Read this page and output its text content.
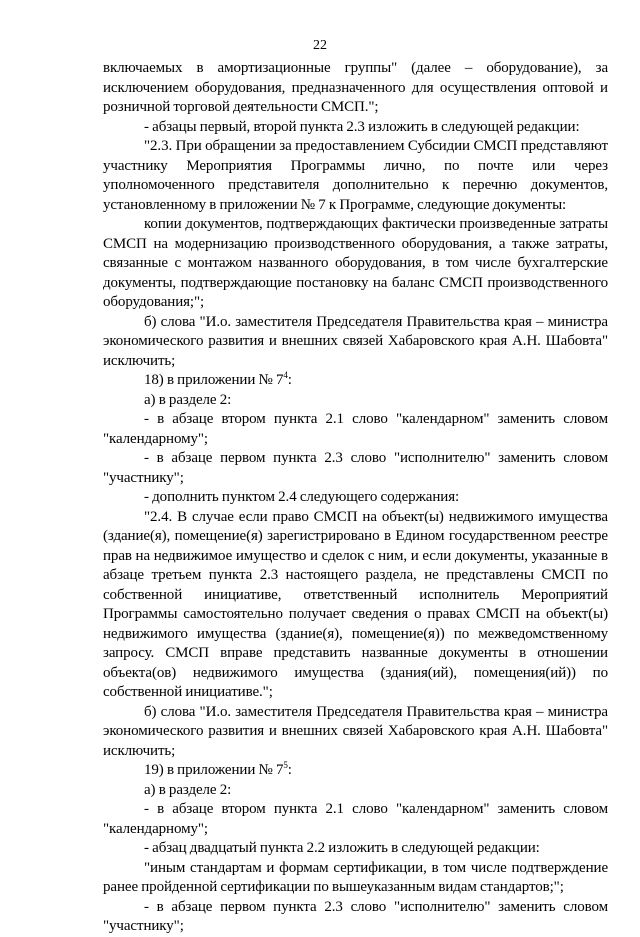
22

включаемых в амортизационные группы" (далее – оборудование), за исключением оборудования, предназначенного для осуществления оптовой и розничной торговой деятельности СМСП.";

- абзацы первый, второй пункта 2.3 изложить в следующей редакции:

"2.3. При обращении за предоставлением Субсидии СМСП представляют участнику Мероприятия Программы лично, по почте или через уполномоченного представителя дополнительно к перечню документов, установленному в приложении № 7 к Программе, следующие документы:

копии документов, подтверждающих фактически произведенные затраты СМСП на модернизацию производственного оборудования, а также затраты, связанные с монтажом названного оборудования, в том числе бухгалтерские документы, подтверждающие постановку на баланс СМСП производственного оборудования;";

б) слова "И.о. заместителя Председателя Правительства края – министра экономического развития и внешних связей Хабаровского края А.Н. Шабовта" исключить;

18) в приложении № $7^4$:

а) в разделе 2:

- в абзаце втором пункта 2.1 слово "календарном" заменить словом "календарному";

- в абзаце первом пункта 2.3 слово "исполнителю" заменить словом "участнику";

- дополнить пунктом 2.4 следующего содержания:

"2.4. В случае если право СМСП на объект(ы) недвижимого имущества (здание(я), помещение(я) зарегистрировано в Едином государственном реестре прав на недвижимое имущество и сделок с ним, и если документы, указанные в абзаце третьем пункта 2.3 настоящего раздела, не представлены СМСП по собственной инициативе, ответственный исполнитель Мероприятий Программы самостоятельно получает сведения о правах СМСП на объект(ы) недвижимого имущества (здание(я), помещение(я)) по межведомственному запросу. СМСП вправе представить названные документы в отношении объекта(ов) недвижимого имущества (здания(ий), помещения(ий)) по собственной инициативе.";

б) слова "И.о. заместителя Председателя Правительства края – министра экономического развития и внешних связей Хабаровского края А.Н. Шабовта" исключить;

19) в приложении № $7^5$:

а) в разделе 2:

- в абзаце втором пункта 2.1 слово "календарном" заменить словом "календарному";

- абзац двадцатый пункта 2.2 изложить в следующей редакции:

"иным стандартам и формам сертификации, в том числе подтверждение ранее пройденной сертификации по вышеуказанным видам стандартов;";

- в абзаце первом пункта 2.3 слово "исполнителю" заменить словом "участнику";
